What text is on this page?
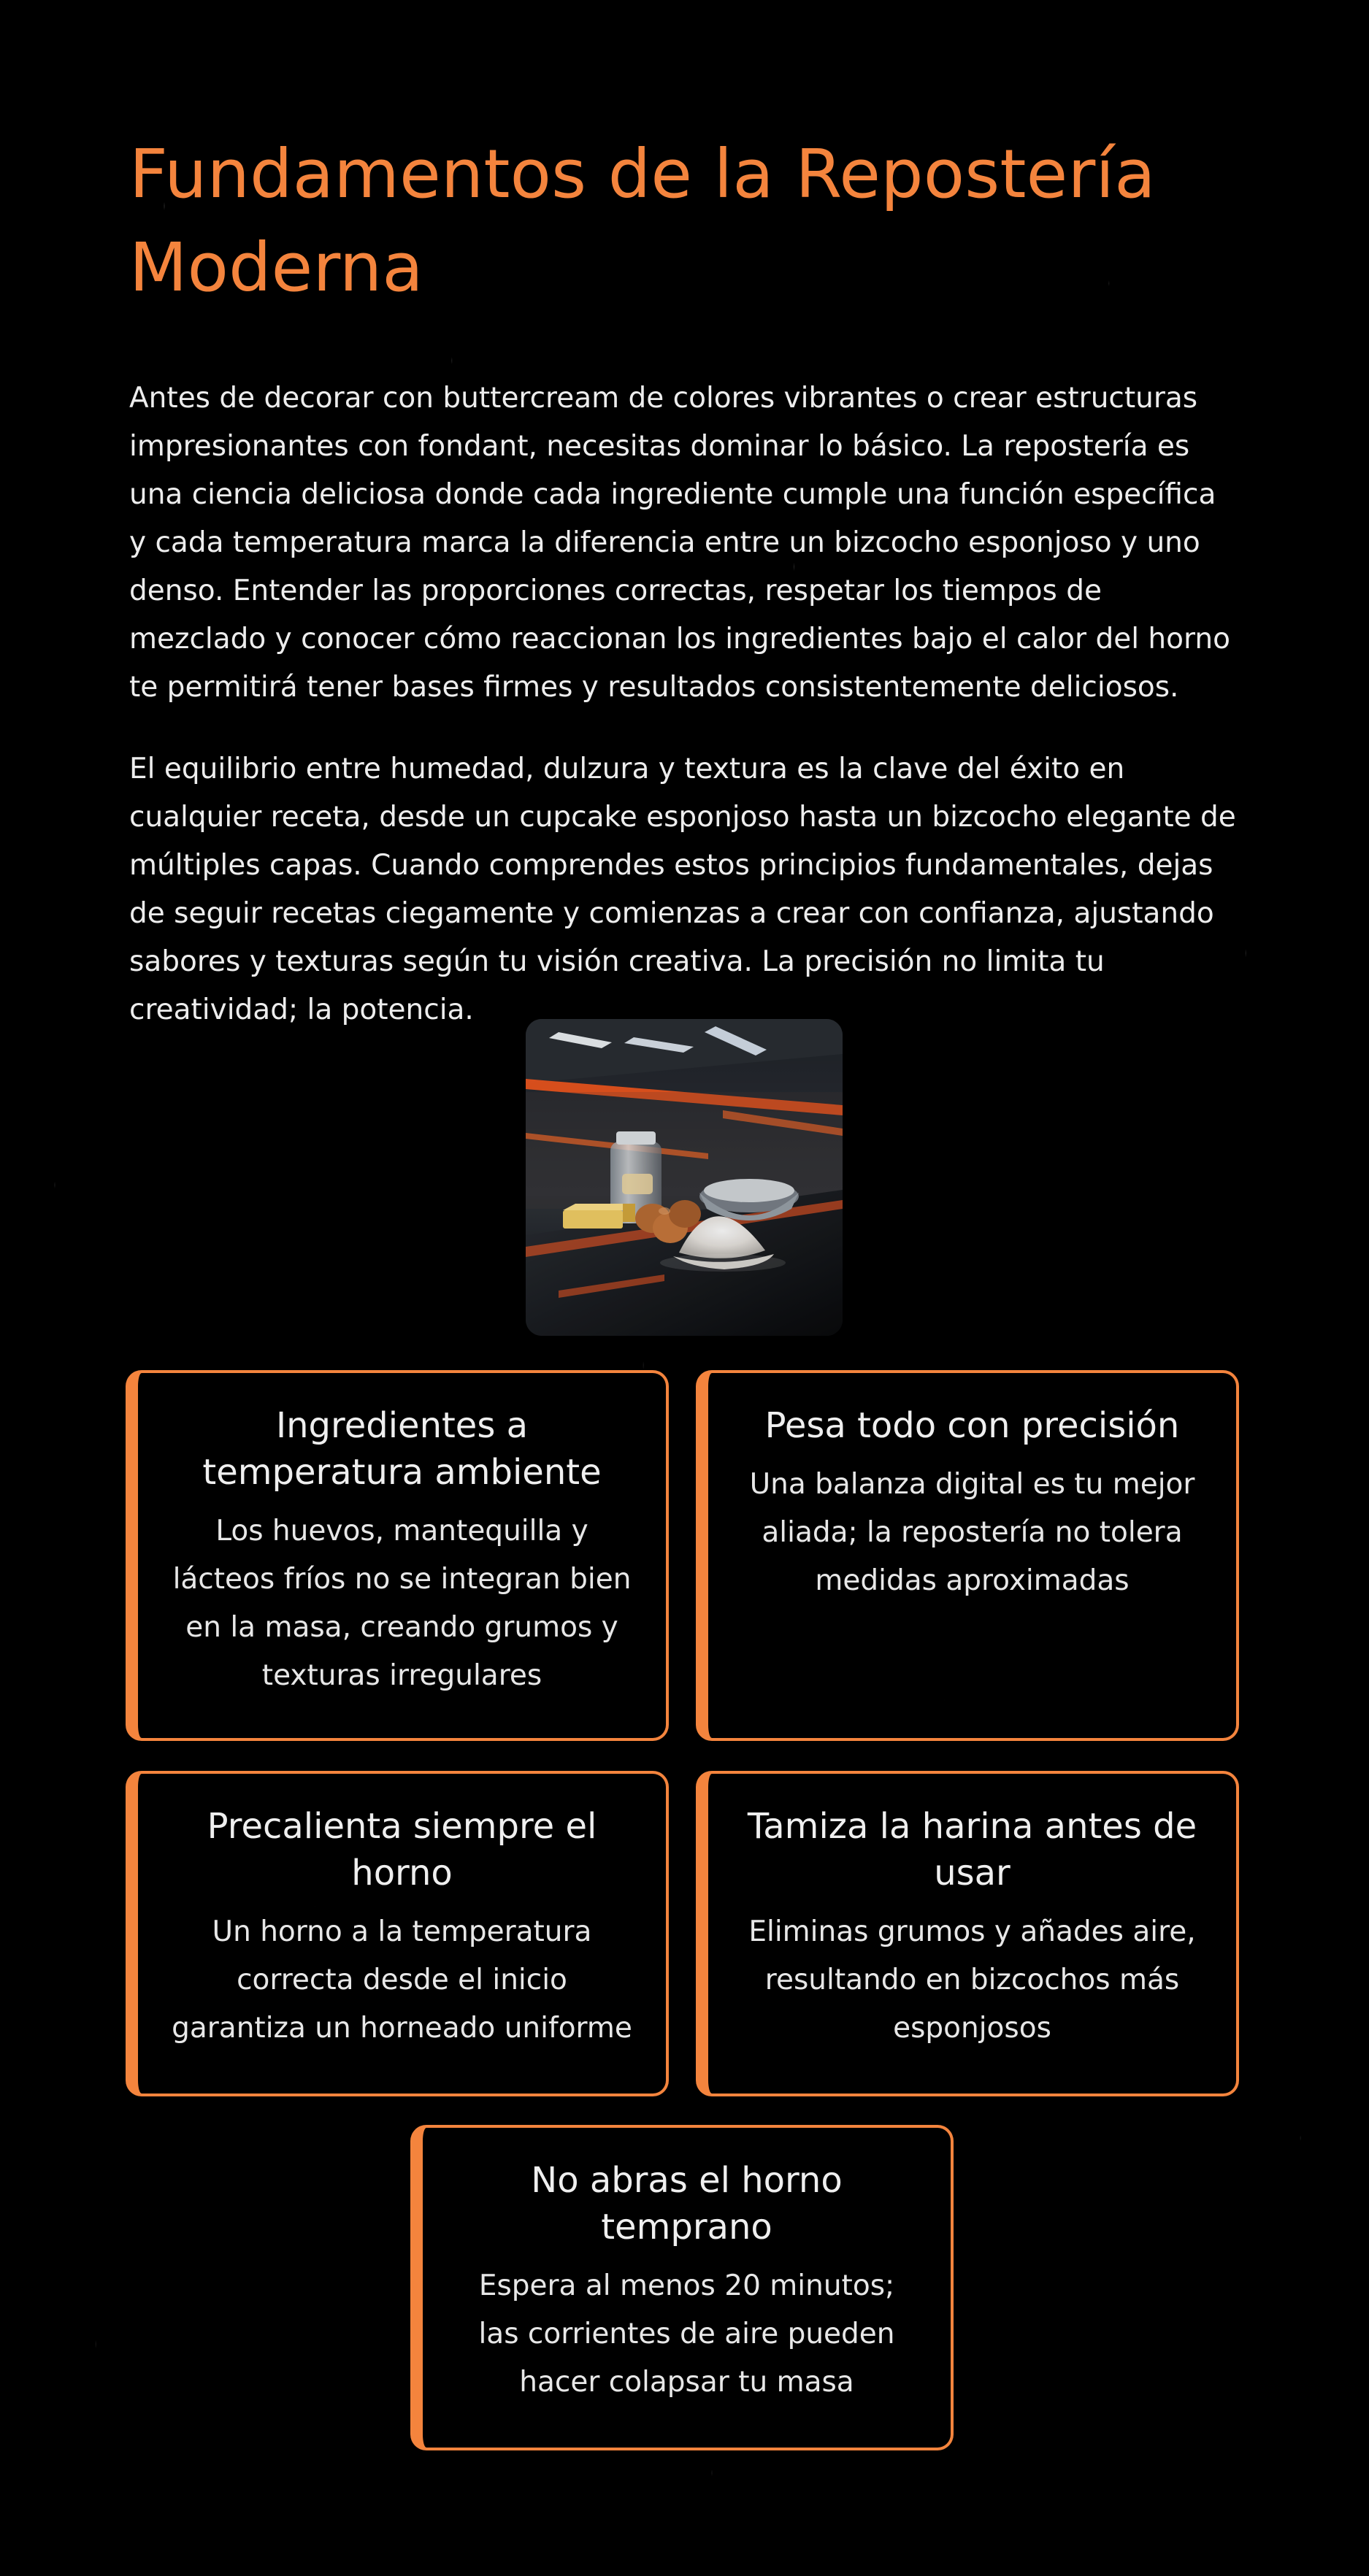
Fundamentos de la Repostería Moderna

Antes de decorar con buttercream de colores vibrantes o crear estructuras impresionantes con fondant, necesitas dominar lo básico. La repostería es una ciencia deliciosa donde cada ingrediente cumple una función específica y cada temperatura marca la diferencia entre un bizcocho esponjoso y uno denso. Entender las proporciones correctas, respetar los tiempos de mezclado y conocer cómo reaccionan los ingredientes bajo el calor del horno te permitirá tener bases firmes y resultados consistentemente deliciosos.

El equilibrio entre humedad, dulzura y textura es la clave del éxito en cualquier receta, desde un cupcake esponjoso hasta un bizcocho elegante de múltiples capas. Cuando comprendes estos principios fundamentales, dejas de seguir recetas ciegamente y comienzas a crear con confianza, ajustando sabores y texturas según tu visión creativa. La precisión no limita tu creatividad; la potencia.

Ingredientes a temperatura ambiente

Los huevos, mantequilla y lácteos fríos no se integran bien en la masa, creando grumos y texturas irregulares

Pesa todo con precisión

Una balanza digital es tu mejor aliada; la repostería no tolera medidas aproximadas

Precalienta siempre el horno

Un horno a la temperatura correcta desde el inicio garantiza un horneado uniforme

Tamiza la harina antes de usar

Eliminas grumos y añades aire, resultando en bizcochos más esponjosos

No abras el horno temprano

Espera al menos 20 minutos; las corrientes de aire pueden hacer colapsar tu masa
